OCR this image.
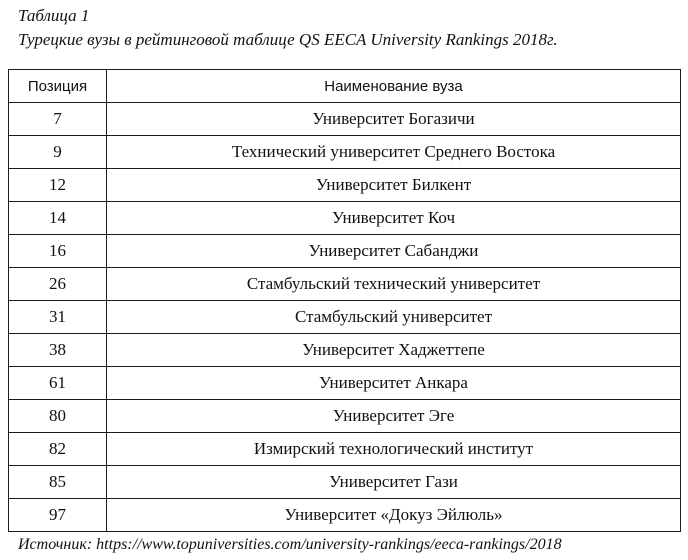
Таблица 1
Турецкие вузы в рейтинговой таблице QS EECA University Rankings 2018г.
Позиция	Наименование вуза
7	Университет Богазичи
9	Технический университет Среднего Востока
12	Университет Билкент
14	Университет Коч
16	Университет Сабанджи
26	Стамбульский технический университет
31	Стамбульский университет
38	Университет Хаджеттепе
61	Университет Анкара
80	Университет Эге
82	Измирский технологический институт
85	Университет Гази
97	Университет «Докуз Эйлюль»
Источник: https://www.topuniversities.com/university-rankings/eeca-rankings/2018
